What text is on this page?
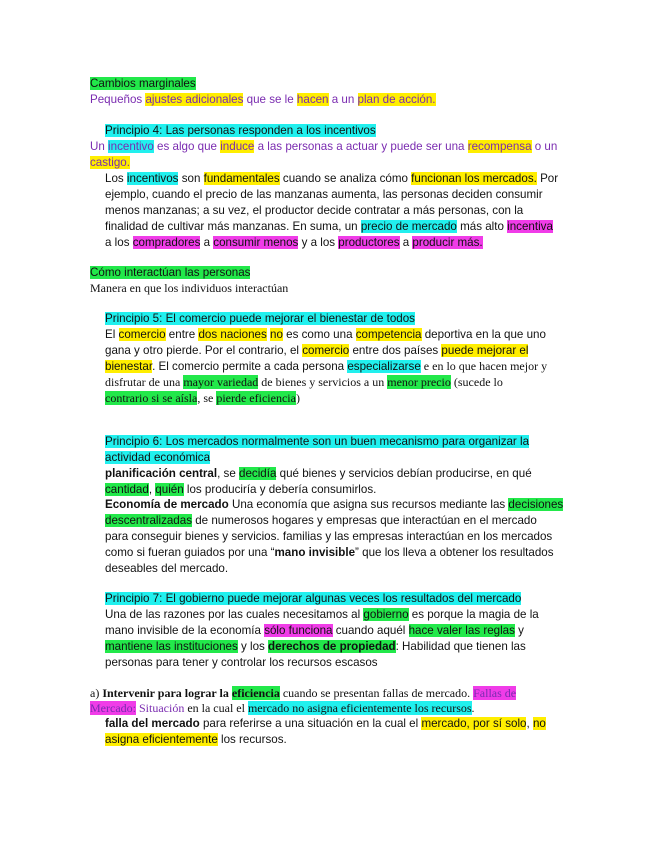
Cambios marginales
Pequeños ajustes adicionales que se le hacen a un plan de acción.
Principio 4: Las personas responden a los incentivos
Un incentivo es algo que induce a las personas a actuar y puede ser una recompensa o un
castigo.
Los incentivos son fundamentales cuando se analiza cómo funcionan los mercados. Por
ejemplo, cuando el precio de las manzanas aumenta, las personas deciden consumir
menos manzanas; a su vez, el productor decide contratar a más personas, con la
finalidad de cultivar más manzanas. En suma, un precio de mercado más alto incentiva
a los compradores a consumir menos y a los productores a producir más.
Cómo interactúan las personas
Manera en que los individuos interactúan
Principio 5: El comercio puede mejorar el bienestar de todos
El comercio entre dos naciones no es como una competencia deportiva en la que uno
gana y otro pierde. Por el contrario, el comercio entre dos países puede mejorar el
bienestar. El comercio permite a cada persona especializarse e en lo que hacen mejor y
disfrutar de una mayor variedad de bienes y servicios a un menor precio (sucede lo
contrario si se aísla, se pierde eficiencia)
Principio 6: Los mercados normalmente son un buen mecanismo para organizar la
actividad económica
planificación central, se decidía qué bienes y servicios debían producirse, en qué
cantidad, quién los produciría y debería consumirlos.
Economía de mercado Una economía que asigna sus recursos mediante las decisiones
descentralizadas de numerosos hogares y empresas que interactúan en el mercado
para conseguir bienes y servicios. familias y las empresas interactúan en los mercados
como si fueran guiados por una “mano invisible” que los lleva a obtener los resultados
deseables del mercado.
Principio 7: El gobierno puede mejorar algunas veces los resultados del mercado
Una de las razones por las cuales necesitamos al gobierno es porque la magia de la
mano invisible de la economía sólo funciona cuando aquél hace valer las reglas y
mantiene las instituciones y los derechos de propiedad: Habilidad que tienen las
personas para tener y controlar los recursos escasos
a) Intervenir para lograr la eficiencia cuando se presentan fallas de mercado. Fallas de
Mercado: Situación en la cual el mercado no asigna eficientemente los recursos.
falla del mercado para referirse a una situación en la cual el mercado, por sí solo, no
asigna eficientemente los recursos.
